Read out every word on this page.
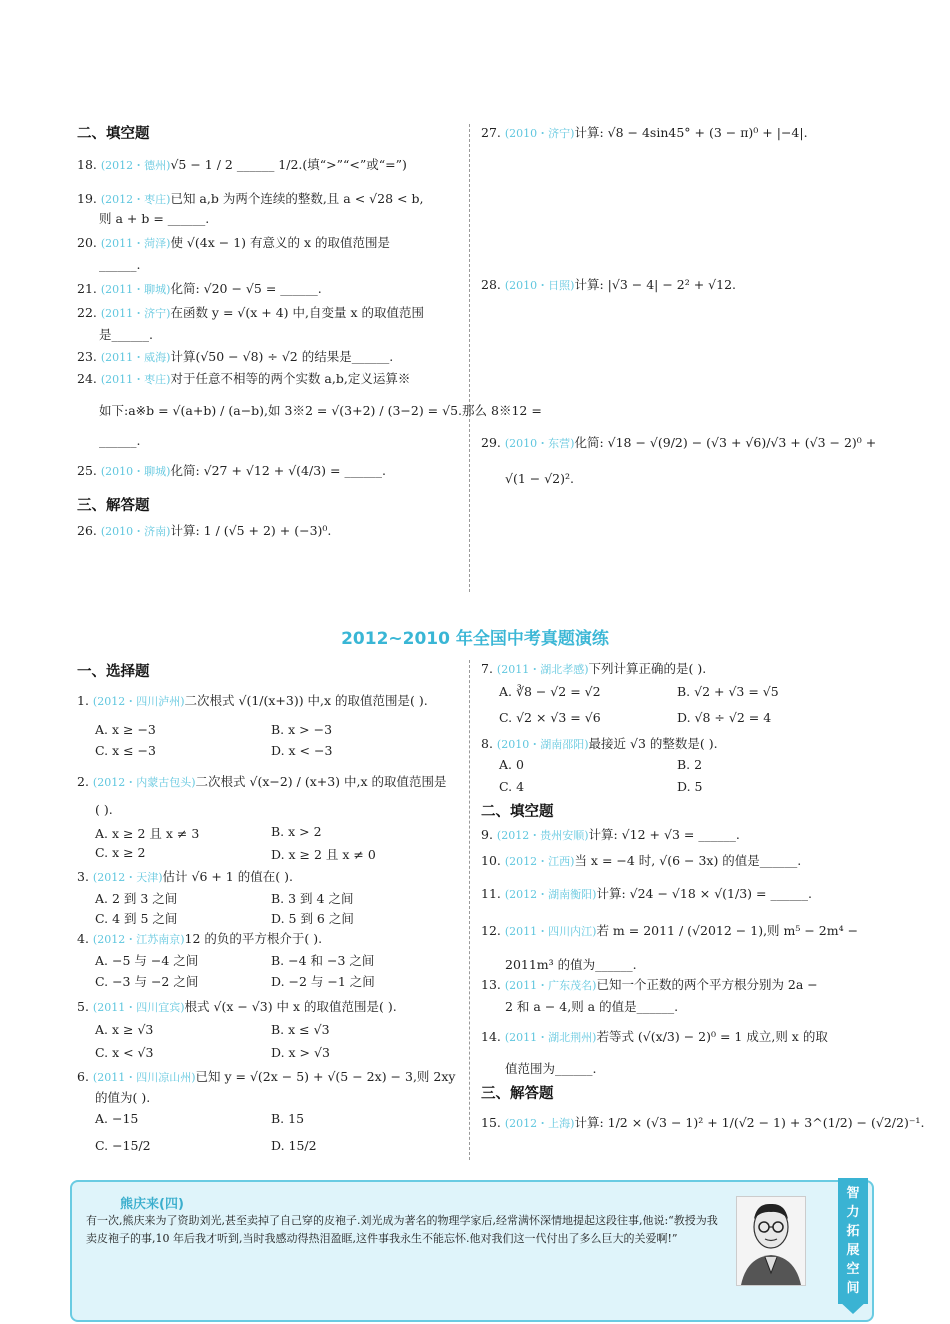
二、填空题
18. (2012・德州)√5 − 1 / 2 ______ 1/2.(填“>”“<”或“=”)
19. (2012・枣庄)已知 a,b 为两个连续的整数,且 a < √28 < b,
则 a + b = ______.
20. (2011・菏泽)使 √(4x − 1) 有意义的 x 的取值范围是
______.
21. (2011・聊城)化简: √20 − √5 = ______.
22. (2011・济宁)在函数 y = √(x + 4) 中,自变量 x 的取值范围
是______.
23. (2011・威海)计算(√50 − √8) ÷ √2 的结果是______.
24. (2011・枣庄)对于任意不相等的两个实数 a,b,定义运算※
如下:a※b = √(a+b) / (a−b),如 3※2 = √(3+2) / (3−2) = √5.那么 8※12 =
______.
25. (2010・聊城)化简: √27 + √12 + √(4/3) = ______.
三、解答题
26. (2010・济南)计算: 1 / (√5 + 2) + (−3)⁰.
27. (2010・济宁)计算: √8 − 4sin45° + (3 − π)⁰ + |−4|.
28. (2010・日照)计算: |√3 − 4| − 2² + √12.
29. (2010・东营)化简: √18 − √(9/2) − (√3 + √6)/√3 + (√3 − 2)⁰ +
√(1 − √2)².
2012~2010 年全国中考真题演练
一、选择题
1. (2012・四川泸州)二次根式 √(1/(x+3)) 中,x 的取值范围是( ).
A. x ≥ −3	B. x > −3
C. x ≤ −3	D. x < −3
2. (2012・内蒙古包头)二次根式 √(x−2) / (x+3) 中,x 的取值范围是
( ).
A. x ≥ 2 且 x ≠ 3	B. x > 2
C. x ≥ 2	D. x ≥ 2 且 x ≠ 0
3. (2012・天津)估计 √6 + 1 的值在( ).
A. 2 到 3 之间	B. 3 到 4 之间
C. 4 到 5 之间	D. 5 到 6 之间
4. (2012・江苏南京)12 的负的平方根介于( ).
A. −5 与 −4 之间	B. −4 和 −3 之间
C. −3 与 −2 之间	D. −2 与 −1 之间
5. (2011・四川宜宾)根式 √(x − √3) 中 x 的取值范围是( ).
A. x ≥ √3	B. x ≤ √3
C. x < √3	D. x > √3
6. (2011・四川凉山州)已知 y = √(2x − 5) + √(5 − 2x) − 3,则 2xy
的值为( ).
A. −15	B. 15
C. −15/2	D. 15/2
7. (2011・湖北孝感)下列计算正确的是( ).
A. ∛8 − √2 = √2	B. √2 + √3 = √5
C. √2 × √3 = √6	D. √8 ÷ √2 = 4
8. (2010・湖南邵阳)最接近 √3 的整数是( ).
A. 0	B. 2
C. 4	D. 5
二、填空题
9. (2012・贵州安顺)计算: √12 + √3 = ______.
10. (2012・江西)当 x = −4 时, √(6 − 3x) 的值是______.
11. (2012・湖南衡阳)计算: √24 − √18 × √(1/3) = ______.
12. (2011・四川内江)若 m = 2011 / (√2012 − 1),则 m⁵ − 2m⁴ −
2011m³ 的值为______.
13. (2011・广东茂名)已知一个正数的两个平方根分别为 2a −
2 和 a − 4,则 a 的值是______.
14. (2011・湖北荆州)若等式 (√(x/3) − 2)⁰ = 1 成立,则 x 的取
值范围为______.
三、解答题
15. (2012・上海)计算: 1/2 × (√3 − 1)² + 1/(√2 − 1) + 3^(1/2) − (√2/2)⁻¹.
熊庆来(四)
有一次,熊庆来为了资助刘光,甚至卖掉了自己穿的皮袍子.刘光成为著名的物理学家后,经常满怀深情地提起这段往事,他说:“教授为我卖皮袍子的事,10 年后我才听到,当时我感动得热泪盈眶,这件事我永生不能忘怀.他对我们这一代付出了多么巨大的关爱啊!”
智力拓展空间
